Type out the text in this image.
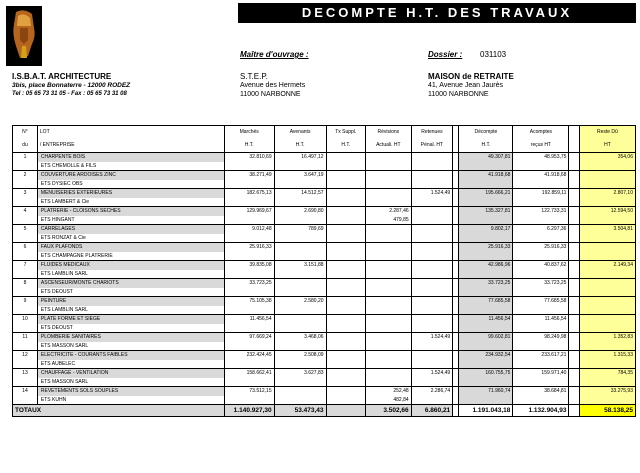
DECOMPTE H.T. DES TRAVAUX
I.S.B.A.T. ARCHITECTURE
3bis, place Bonnaterre - 12000 RODEZ
Tel : 05 65 73 31 05 - Fax : 05 65 73 31 08
Maître d'ouvrage :
S.T.E.P.
Avenue des Hermets
11000 NARBONNE
Dossier : 031103
MAISON de RETRAITE
41, Avenue Jean Jaurès
11000 NARBONNE
N°	LOT	Marchés	Avenants	Tx Suppl.	Révisions	Retenues		Décompte	Acomptes		Reste Dû
du	/ ENTREPRISE	H.T.	H.T.	H.T.	Actuali. HT	Pénal. HT		H.T.	reçus HT		HT
1	CHARPENTE BOIS	32.810,69	16.497,12					49.307,81	48.953,75		354,06
	ETS CHEMOLLE & FILS										
2	COUVERTURE ARDOISES ZINC	38.271,49	3.647,19					41.918,68	41.918,68		
	ETS DYSIEC OBS										
3	MENUISERIES EXTERIEURES	182.675,13	14.512,57			1.524,49		195.666,21	192.859,11		2.807,10
	ETS LAMBERT & Cie										
4	PLATRERIE - CLOISONS SECHES	129.969,67	2.690,80		2.287,46			135.327,81	122.733,31		12.594,50
	ETS HINGANT				479,85						
5	CARRELAGES	9.012,48	789,69					9.802,17	6.297,36		3.504,81
	ETS RONZAT & Cie										
6	FAUX PLAFONDS	25.916,33						25.916,33	25.916,33		
	ETS CHAMPAGNE PLATRERIE										
7	FLUIDES MEDICAUX	39.835,08	3.151,88					42.986,96	40.837,62		2.149,34
	ETS LAMBLIN SARL										
8	ASCENSEUR/MONTE CHARIOTS	33.723,25						33.723,25	33.723,25		
	ETS DEOUST										
9	PEINTURE	75.105,38	2.580,20					77.685,58	77.685,58		
	ETS LAMBLIN SARL										
10	PLATE FORME ET SIEGE	11.456,54						11.456,54	11.456,54		
	ETS DEOUST										
11	PLOMBERIE SANITAIRES	97.669,24	3.468,06			1.524,49		99.602,81	98.249,98		1.352,83
	ETS MASSON SARL										
12	ELECTRICITE - COURANTS FAIBLES	232.424,45	2.508,09					234.932,54	233.617,21		1.315,33
	ETS AUBELEC										
13	CHAUFFAGE - VENTILATION	158.662,41	3.627,83			1.524,49		160.755,75	159.971,40		784,35
	ETS MASSON SARL										
14	REVETEMENTS SOLS SOUPLES	73.512,15			252,48	2.286,74		71.960,74	38.684,81		33.275,93
	ETS KUHN				482,84						
TOTAUX		1.140.927,30	53.473,43		3.502,66	6.860,21		1.191.043,18	1.132.904,93		58.138,25
